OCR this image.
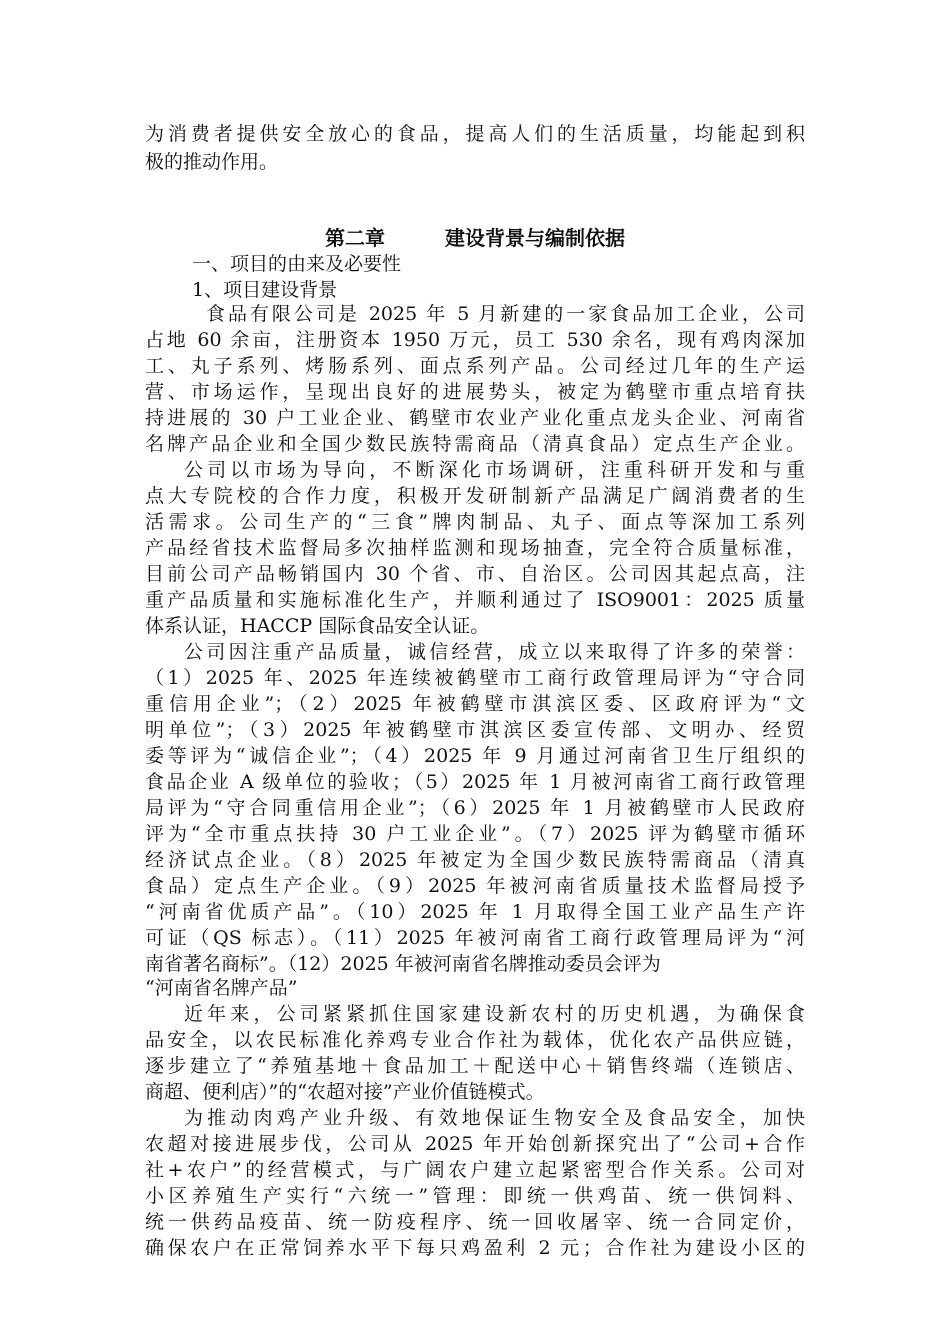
为消费者提供安全放心的食品，提高人们的生活质量，均能起到积
极的推动作用。
第二章　　　	建设背景与编制依据
一、项目的由来及必要性
1、项目建设背景
　食品有限公司是 2025 年 5 月新建的一家食品加工企业，公司
占地 60 余亩，注册资本 1950 万元，员工 530 余名，现有鸡肉深加
工、丸子系列、烤肠系列、面点系列产品。公司经过几年的生产运
营、市场运作，呈现出良好的进展势头，被定为鹤壁市重点培育扶
持进展的 30 户工业企业、鹤壁市农业产业化重点龙头企业、河南省
名牌产品企业和全国少数民族特需商品（清真食品）定点生产企业。
公司以市场为导向，不断深化市场调研，注重科研开发和与重
点大专院校的合作力度，积极开发研制新产品满足广阔消费者的生
活需求。公司生产的“三食”牌肉制品、丸子、面点等深加工系列
产品经省技术监督局多次抽样监测和现场抽查，完全符合质量标准，
目前公司产品畅销国内 30 个省、市、自治区。公司因其起点高，注
重产品质量和实施标准化生产，并顺利通过了 ISO9001：2025 质量
体系认证，HACCP 国际食品安全认证。
公司因注重产品质量，诚信经营，成立以来取得了许多的荣誉：
（1）2025 年、2025 年连续被鹤壁市工商行政管理局评为“守合同
重信用企业”；（2）2025 年被鹤壁市淇滨区委、区政府评为“文
明单位”；（3）2025 年被鹤壁市淇滨区委宣传部、文明办、经贸
委等评为“诚信企业”；（4）2025 年 9 月通过河南省卫生厅组织的
食品企业 A 级单位的验收；（5）2025 年 1 月被河南省工商行政管理
局评为“守合同重信用企业”；（6）2025 年 1 月被鹤壁市人民政府
评为“全市重点扶持 30 户工业企业”。（7）2025 评为鹤壁市循环
经济试点企业。（8）2025 年被定为全国少数民族特需商品（清真
食品）定点生产企业。（9）2025 年被河南省质量技术监督局授予
“河南省优质产品”。（10）2025 年 1 月取得全国工业产品生产许
可证（QS 标志）。（11）2025 年被河南省工商行政管理局评为“河
南省著名商标”。（12）2025 年被河南省名牌推动委员会评为
“河南省名牌产品”
近年来，公司紧紧抓住国家建设新农村的历史机遇，为确保食
品安全，以农民标准化养鸡专业合作社为载体，优化农产品供应链，
逐步建立了“养殖基地＋食品加工＋配送中心＋销售终端（连锁店、
商超、便利店）”的“农超对接”产业价值链模式。
为推动肉鸡产业升级、有效地保证生物安全及食品安全，加快
农超对接进展步伐，公司从 2025 年开始创新探究出了“公司+合作
社+农户”的经营模式，与广阔农户建立起紧密型合作关系。公司对
小区养殖生产实行“六统一”管理：即统一供鸡苗、统一供饲料、
统一供药品疫苗、统一防疫程序、统一回收屠宰、统一合同定价，
确保农户在正常饲养水平下每只鸡盈利 2 元；合作社为建设小区的
